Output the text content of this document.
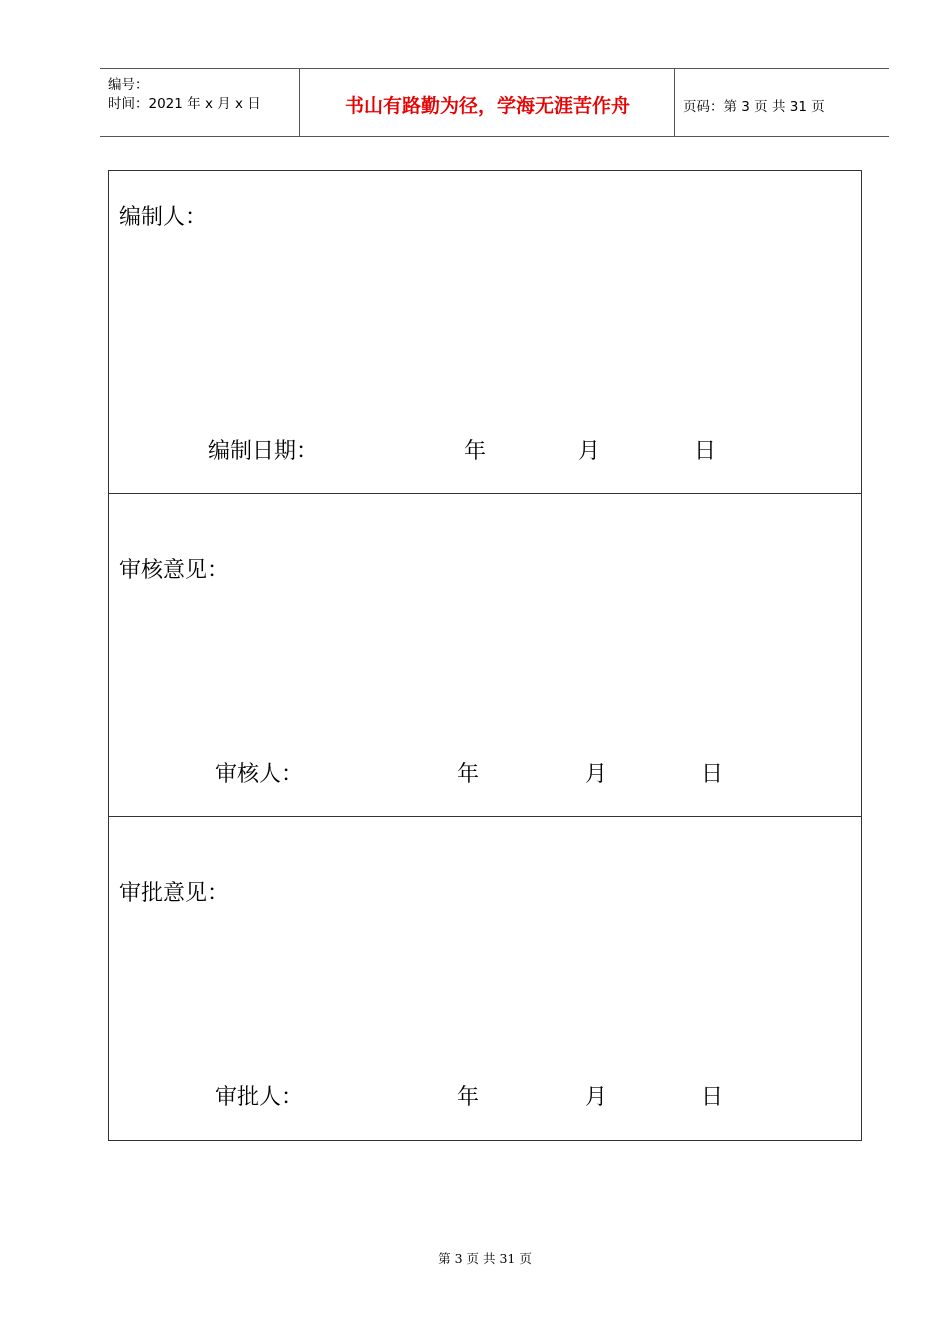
编号：
时间：2021 年 x 月 x 日	书山有路勤为径，学海无涯苦作舟	页码：第 3 页 共 31 页
编制人：
编制日期：	年	月	日
审核意见：
审核人：	年	月	日
审批意见：
审批人：	年	月	日
第 3 页 共 31 页
